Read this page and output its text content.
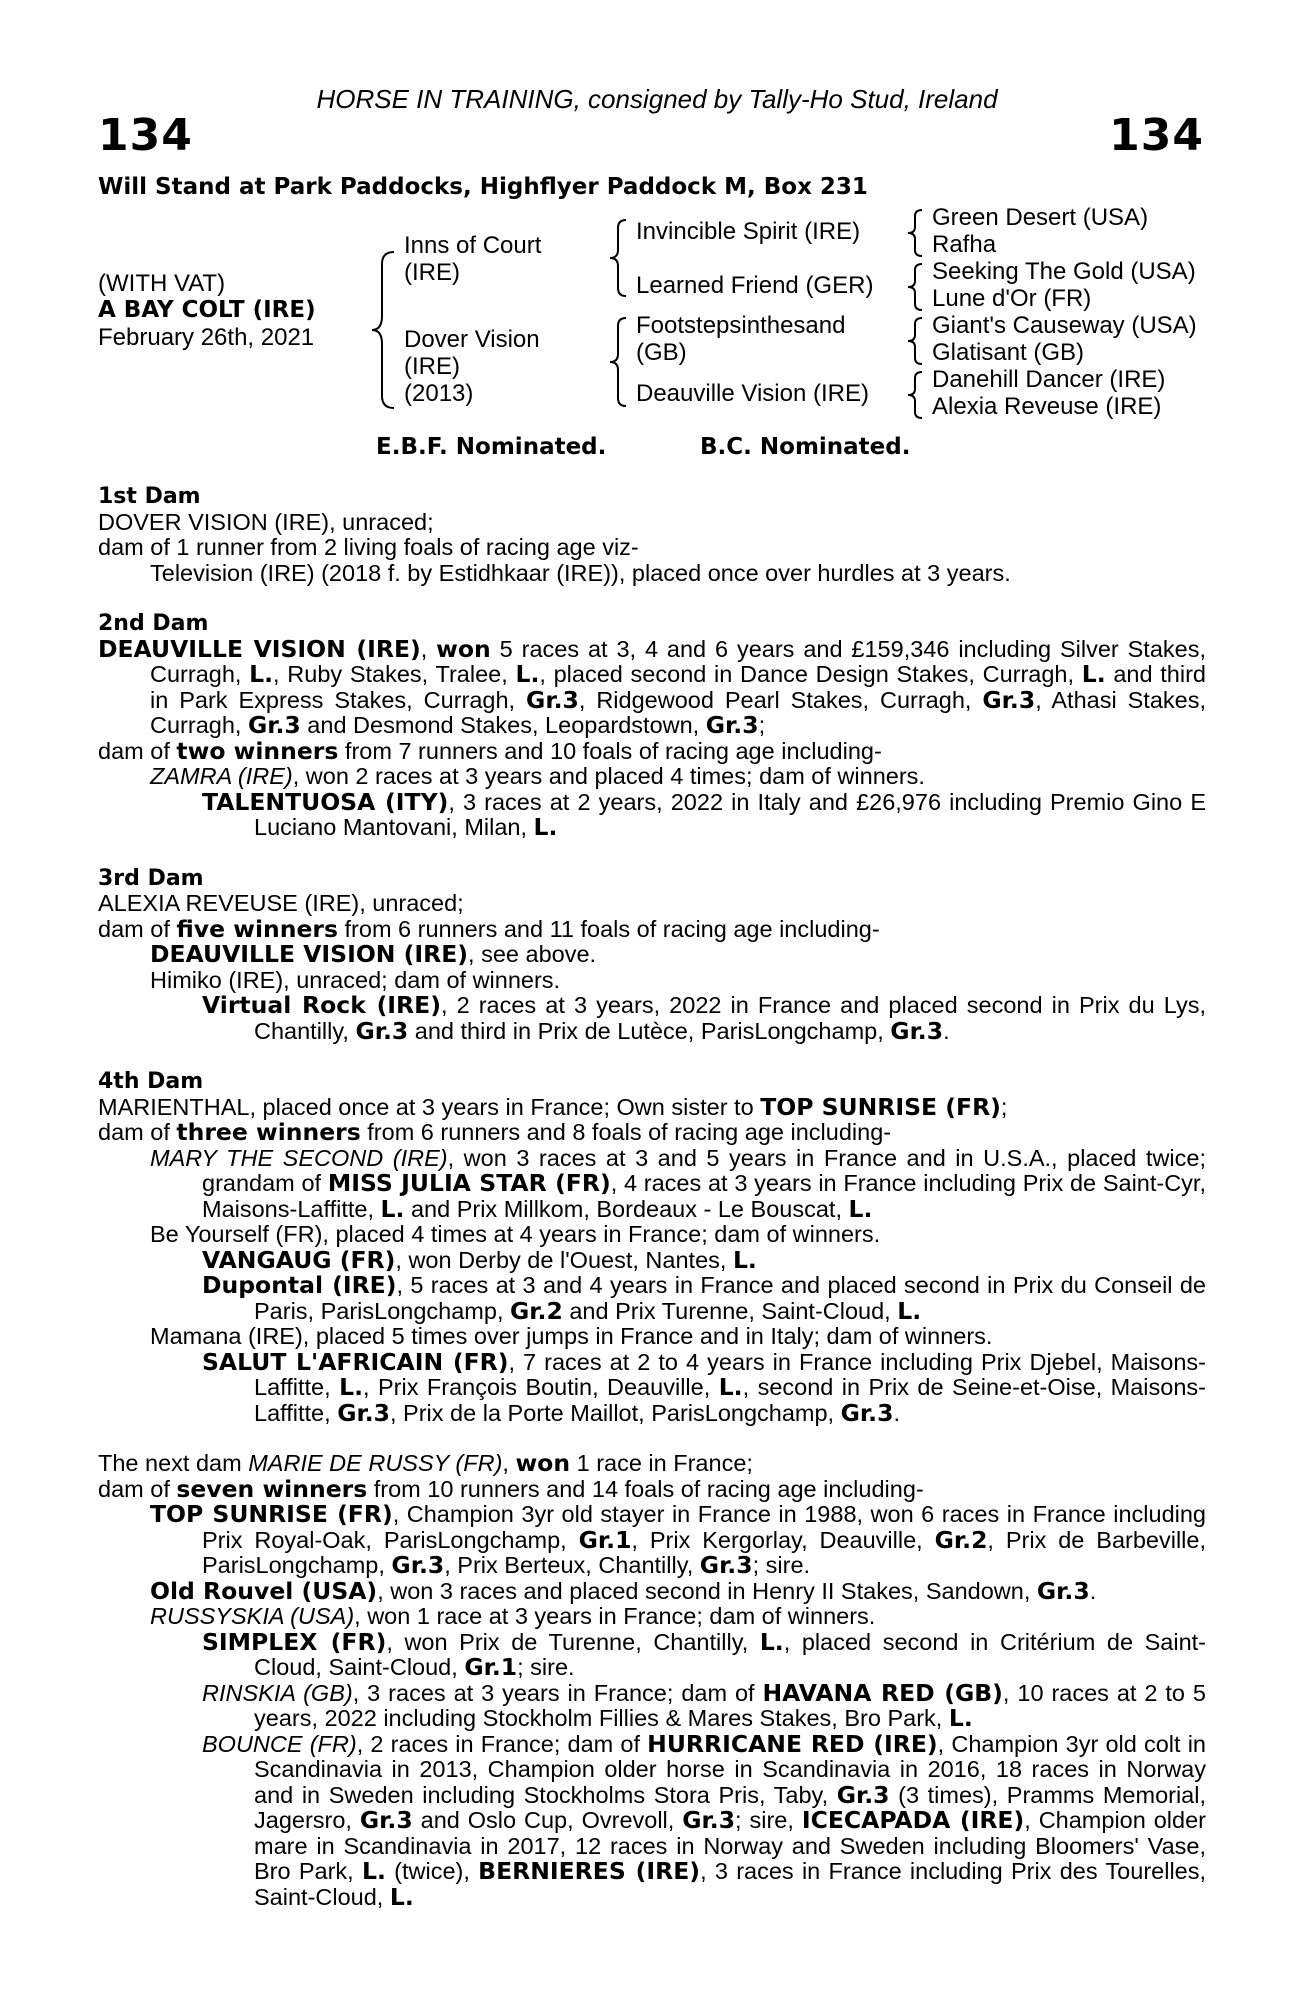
HORSE IN TRAINING, consigned by Tally-Ho Stud, Ireland
134	134
Will Stand at Park Paddocks, Highflyer Paddock M, Box 231
(WITH VAT)
A BAY COLT (IRE)
February 26th, 2021
Inns of Court
(IRE)
Dover Vision
(IRE)
(2013)
Invincible Spirit (IRE)
Learned Friend (GER)
Footstepsinthesand
(GB)
Deauville Vision (IRE)
Green Desert (USA)
Rafha
Seeking The Gold (USA)
Lune d'Or (FR)
Giant's Causeway (USA)
Glatisant (GB)
Danehill Dancer (IRE)
Alexia Reveuse (IRE)
E.B.F. Nominated.	B.C. Nominated.
1st Dam
DOVER VISION (IRE), unraced;
dam of 1 runner from 2 living foals of racing age viz-
Television (IRE) (2018 f. by Estidhkaar (IRE)), placed once over hurdles at 3 years.
2nd Dam
DEAUVILLE VISION (IRE), won 5 races at 3, 4 and 6 years and £159,346 including Silver Stakes, Curragh, L., Ruby Stakes, Tralee, L., placed second in Dance Design Stakes, Curragh, L. and third in Park Express Stakes, Curragh, Gr.3, Ridgewood Pearl Stakes, Curragh, Gr.3, Athasi Stakes, Curragh, Gr.3 and Desmond Stakes, Leopardstown, Gr.3;
dam of two winners from 7 runners and 10 foals of racing age including-
ZAMRA (IRE), won 2 races at 3 years and placed 4 times; dam of winners.
TALENTUOSA (ITY), 3 races at 2 years, 2022 in Italy and £26,976 including Premio Gino E Luciano Mantovani, Milan, L.
3rd Dam
ALEXIA REVEUSE (IRE), unraced;
dam of five winners from 6 runners and 11 foals of racing age including-
DEAUVILLE VISION (IRE), see above.
Himiko (IRE), unraced; dam of winners.
Virtual Rock (IRE), 2 races at 3 years, 2022 in France and placed second in Prix du Lys, Chantilly, Gr.3 and third in Prix de Lutèce, ParisLongchamp, Gr.3.
4th Dam
MARIENTHAL, placed once at 3 years in France; Own sister to TOP SUNRISE (FR);
dam of three winners from 6 runners and 8 foals of racing age including-
MARY THE SECOND (IRE), won 3 races at 3 and 5 years in France and in U.S.A., placed twice; grandam of MISS JULIA STAR (FR), 4 races at 3 years in France including Prix de Saint-Cyr, Maisons-Laffitte, L. and Prix Millkom, Bordeaux - Le Bouscat, L.
Be Yourself (FR), placed 4 times at 4 years in France; dam of winners.
VANGAUG (FR), won Derby de l'Ouest, Nantes, L.
Dupontal (IRE), 5 races at 3 and 4 years in France and placed second in Prix du Conseil de Paris, ParisLongchamp, Gr.2 and Prix Turenne, Saint-Cloud, L.
Mamana (IRE), placed 5 times over jumps in France and in Italy; dam of winners.
SALUT L'AFRICAIN (FR), 7 races at 2 to 4 years in France including Prix Djebel, Maisons-Laffitte, L., Prix François Boutin, Deauville, L., second in Prix de Seine-et-Oise, Maisons-Laffitte, Gr.3, Prix de la Porte Maillot, ParisLongchamp, Gr.3.
The next dam MARIE DE RUSSY (FR), won 1 race in France;
dam of seven winners from 10 runners and 14 foals of racing age including-
TOP SUNRISE (FR), Champion 3yr old stayer in France in 1988, won 6 races in France including Prix Royal-Oak, ParisLongchamp, Gr.1, Prix Kergorlay, Deauville, Gr.2, Prix de Barbeville, ParisLongchamp, Gr.3, Prix Berteux, Chantilly, Gr.3; sire.
Old Rouvel (USA), won 3 races and placed second in Henry II Stakes, Sandown, Gr.3.
RUSSYSKIA (USA), won 1 race at 3 years in France; dam of winners.
SIMPLEX (FR), won Prix de Turenne, Chantilly, L., placed second in Critérium de Saint-Cloud, Saint-Cloud, Gr.1; sire.
RINSKIA (GB), 3 races at 3 years in France; dam of HAVANA RED (GB), 10 races at 2 to 5 years, 2022 including Stockholm Fillies & Mares Stakes, Bro Park, L.
BOUNCE (FR), 2 races in France; dam of HURRICANE RED (IRE), Champion 3yr old colt in Scandinavia in 2013, Champion older horse in Scandinavia in 2016, 18 races in Norway and in Sweden including Stockholms Stora Pris, Taby, Gr.3 (3 times), Pramms Memorial, Jagersro, Gr.3 and Oslo Cup, Ovrevoll, Gr.3; sire, ICECAPADA (IRE), Champion older mare in Scandinavia in 2017, 12 races in Norway and Sweden including Bloomers' Vase, Bro Park, L. (twice), BERNIERES (IRE), 3 races in France including Prix des Tourelles, Saint-Cloud, L.
